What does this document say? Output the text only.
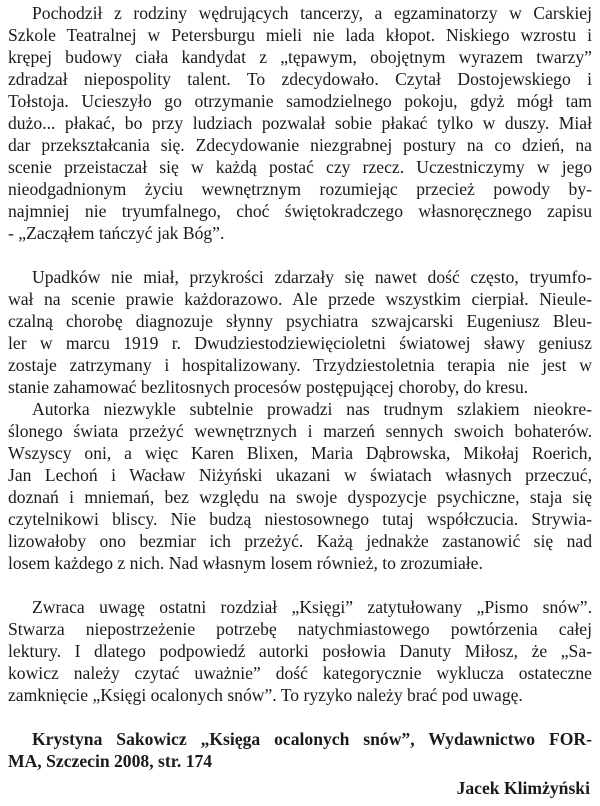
Pochodził z rodziny wędrujących tancerzy, a egzaminatorzy w Carskiej
Szkole Teatralnej w Petersburgu mieli nie lada kłopot. Niskiego wzrostu i
krępej budowy ciała kandydat z „tępawym, obojętnym wyrazem twarzy”
zdradzał niepospolity talent. To zdecydowało. Czytał Dostojewskiego i
Tołstoja. Ucieszyło go otrzymanie samodzielnego pokoju, gdyż mógł tam
dużo... płakać, bo przy ludziach pozwalał sobie płakać tylko w duszy. Miał
dar przekształcania się. Zdecydowanie niezgrabnej postury na co dzień, na
scenie przeistaczał się w każdą postać czy rzecz. Uczestniczymy w jego
nieodgadnionym życiu wewnętrznym rozumiejąc przecież powody by-
najmniej nie tryumfalnego, choć świętokradczego własnoręcznego zapisu
- „Zacząłem tańczyć jak Bóg”.
Upadków nie miał, przykrości zdarzały się nawet dość często, tryumfo-
wał na scenie prawie każdorazowo. Ale przede wszystkim cierpiał. Nieule-
czalną chorobę diagnozuje słynny psychiatra szwajcarski Eugeniusz Bleu-
ler w marcu 1919 r. Dwudziestodziewięcioletni światowej sławy geniusz
zostaje zatrzymany i hospitalizowany. Trzydziestoletnia terapia nie jest w
stanie zahamować bezlitosnych procesów postępującej choroby, do kresu.
Autorka niezwykle subtelnie prowadzi nas trudnym szlakiem nieokre-
ślonego świata przeżyć wewnętrznych i marzeń sennych swoich bohaterów.
Wszyscy oni, a więc Karen Blixen, Maria Dąbrowska, Mikołaj Roerich,
Jan Lechoń i Wacław Niżyński ukazani w światach własnych przeczuć,
doznań i mniemań, bez względu na swoje dyspozycje psychiczne, staja się
czytelnikowi bliscy. Nie budzą niestosownego tutaj współczucia. Strywia-
lizowałoby ono bezmiar ich przeżyć. Każą jednakże zastanowić się nad
losem każdego z nich. Nad własnym losem również, to zrozumiałe.
Zwraca uwagę ostatni rozdział „Księgi” zatytułowany „Pismo snów”.
Stwarza niepostrzeżenie potrzebę natychmiastowego powtórzenia całej
lektury. I dlatego podpowiedź autorki posłowia Danuty Miłosz, że „Sa-
kowicz należy czytać uważnie” dość kategorycznie wyklucza ostateczne
zamknięcie „Księgi ocalonych snów”. To ryzyko należy brać pod uwagę.
Krystyna Sakowicz „Księga ocalonych snów”, Wydawnictwo FOR-
MA, Szczecin 2008, str. 174
Jacek Klimżyński
